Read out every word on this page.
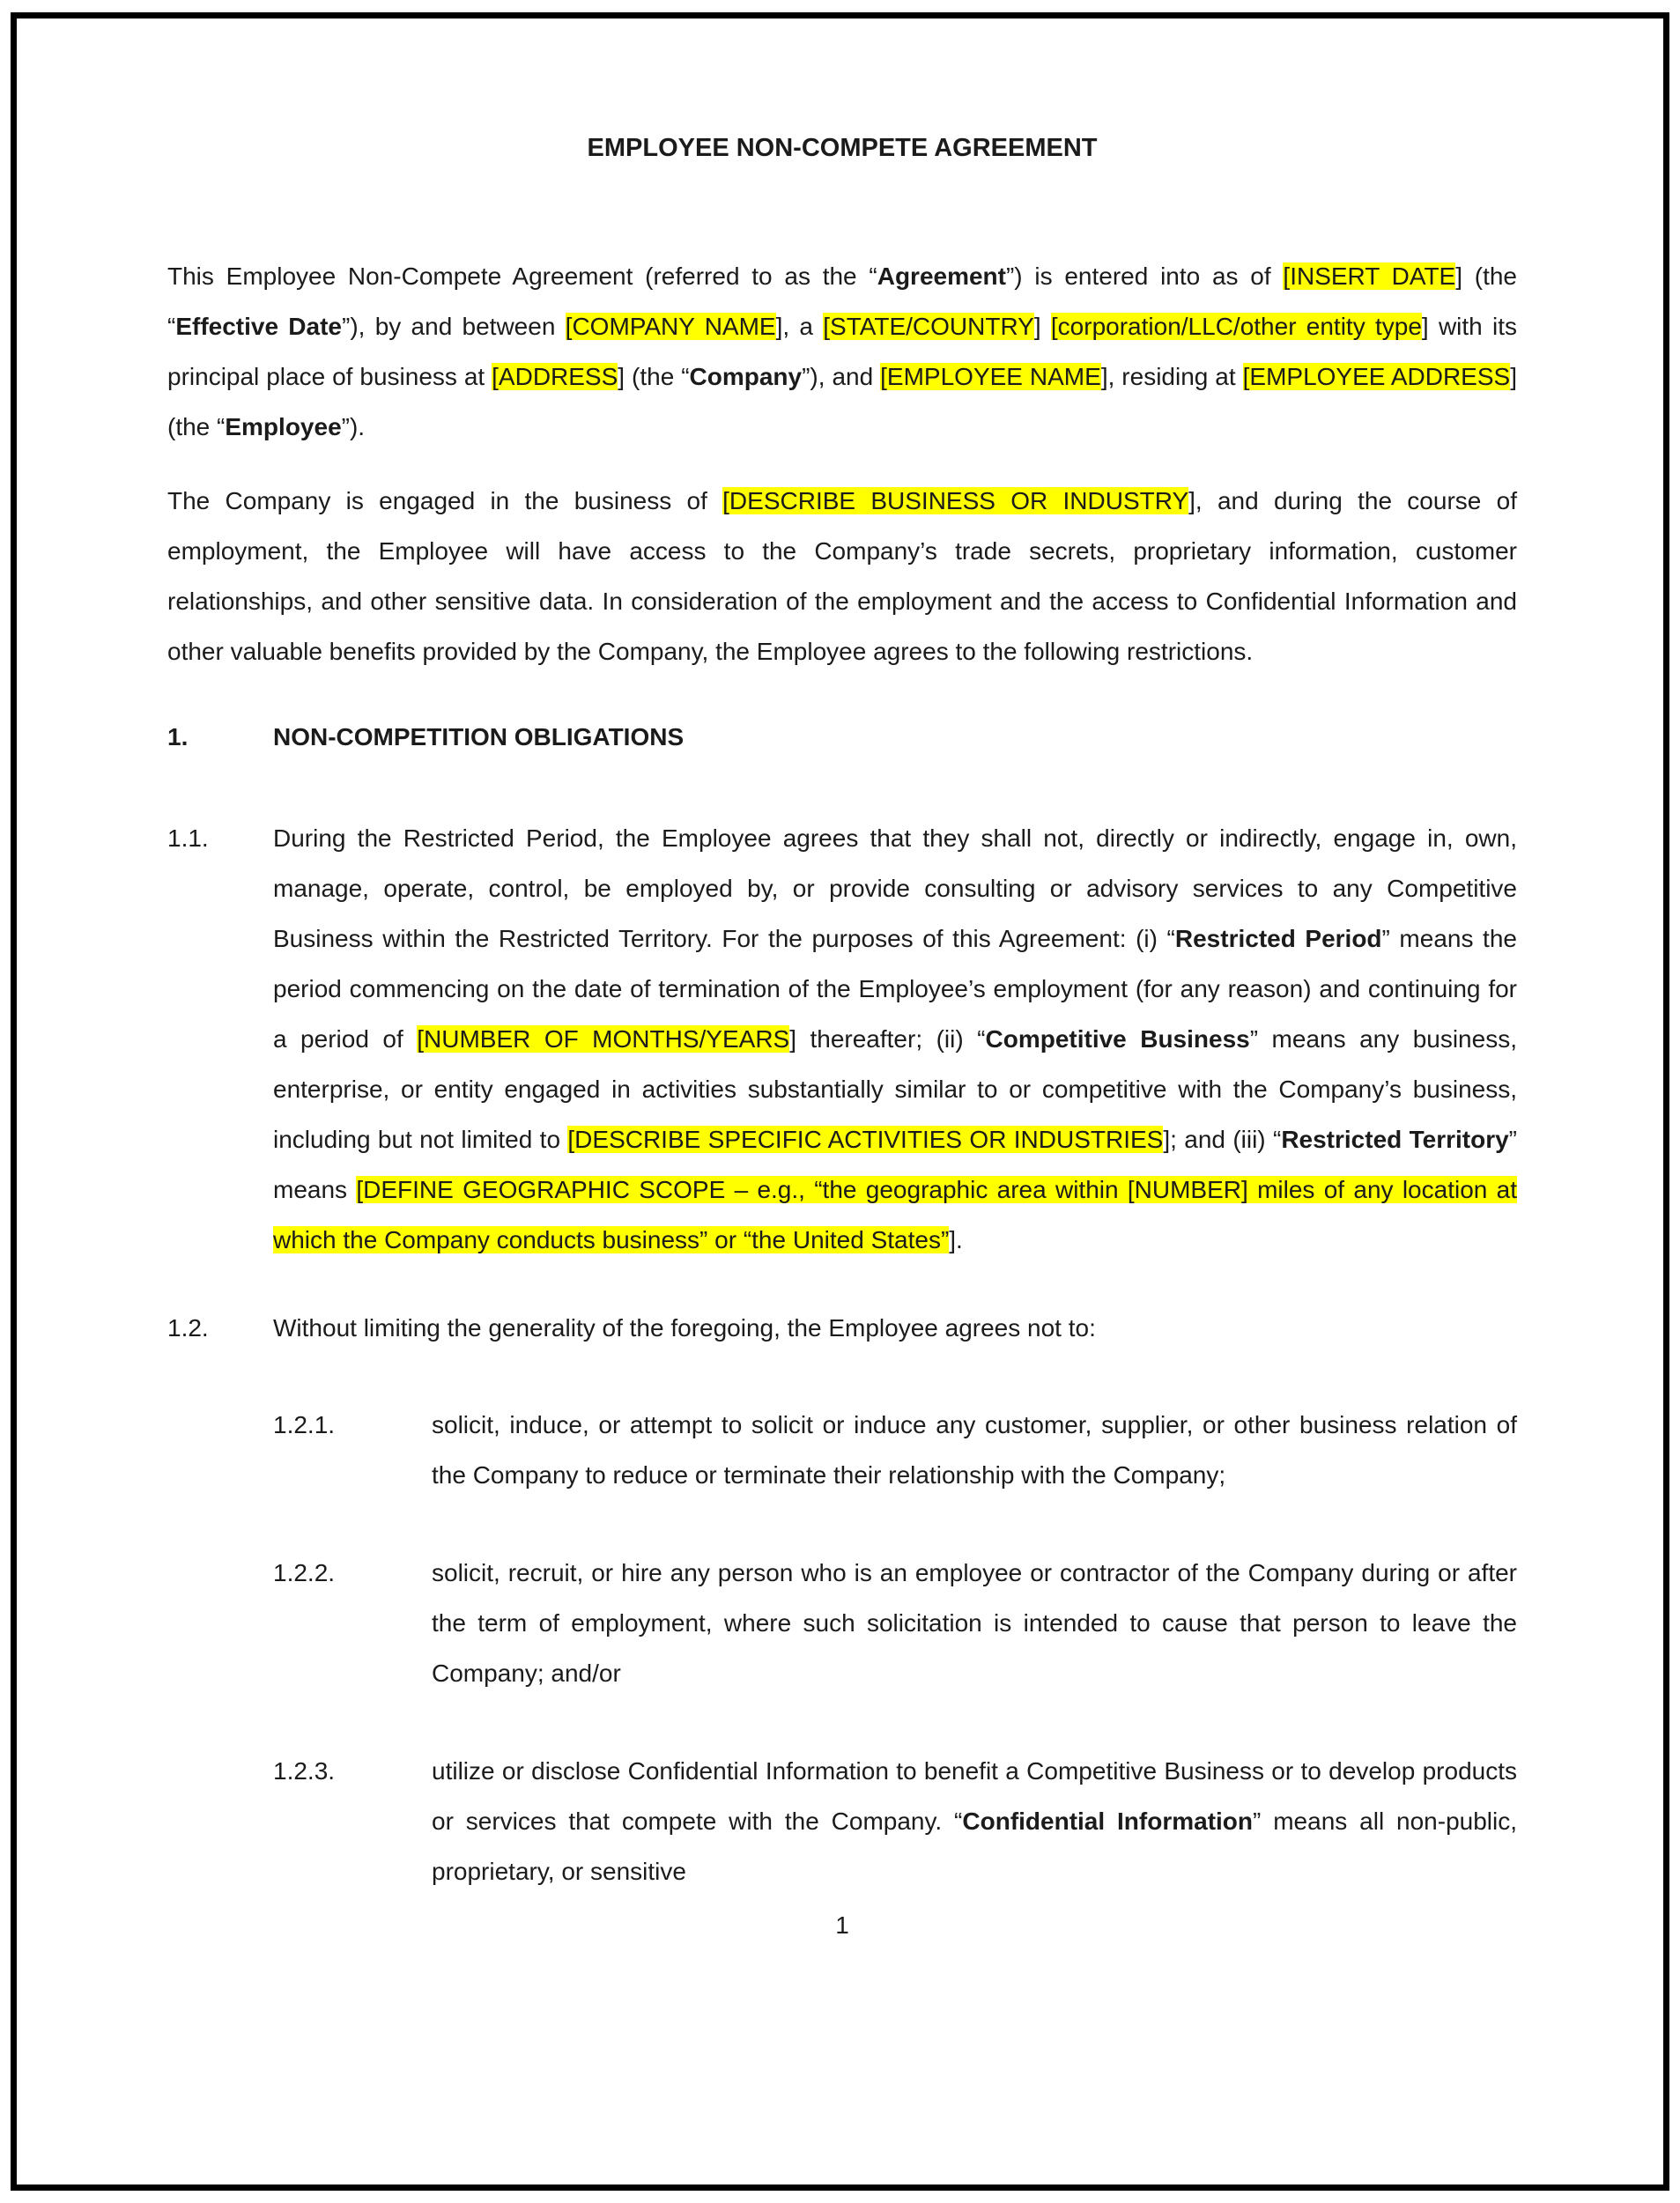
EMPLOYEE NON-COMPETE AGREEMENT

This Employee Non-Compete Agreement (referred to as the “Agreement”) is entered into as of [INSERT DATE] (the “Effective Date”), by and between [COMPANY NAME], a [STATE/COUNTRY] [corporation/LLC/other entity type] with its principal place of business at [ADDRESS] (the “Company”), and [EMPLOYEE NAME], residing at [EMPLOYEE ADDRESS] (the “Employee”).

The Company is engaged in the business of [DESCRIBE BUSINESS OR INDUSTRY], and during the course of employment, the Employee will have access to the Company’s trade secrets, proprietary information, customer relationships, and other sensitive data. In consideration of the employment and the access to Confidential Information and other valuable benefits provided by the Company, the Employee agrees to the following restrictions.

1.	NON-COMPETITION OBLIGATIONS
1.1.	During the Restricted Period, the Employee agrees that they shall not, directly or indirectly, engage in, own, manage, operate, control, be employed by, or provide consulting or advisory services to any Competitive Business within the Restricted Territory. For the purposes of this Agreement: (i) “Restricted Period” means the period commencing on the date of termination of the Employee’s employment (for any reason) and continuing for a period of [NUMBER OF MONTHS/YEARS] thereafter; (ii) “Competitive Business” means any business, enterprise, or entity engaged in activities substantially similar to or competitive with the Company’s business, including but not limited to [DESCRIBE SPECIFIC ACTIVITIES OR INDUSTRIES]; and (iii) “Restricted Territory” means [DEFINE GEOGRAPHIC SCOPE – e.g., “the geographic area within [NUMBER] miles of any location at which the Company conducts business” or “the United States”].
1.2.	Without limiting the generality of the foregoing, the Employee agrees not to:
1.2.1.	solicit, induce, or attempt to solicit or induce any customer, supplier, or other business relation of the Company to reduce or terminate their relationship with the Company;
1.2.2.	solicit, recruit, or hire any person who is an employee or contractor of the Company during or after the term of employment, where such solicitation is intended to cause that person to leave the Company; and/or
1.2.3.	utilize or disclose Confidential Information to benefit a Competitive Business or to develop products or services that compete with the Company. “Confidential Information” means all non-public, proprietary, or sensitive
1
